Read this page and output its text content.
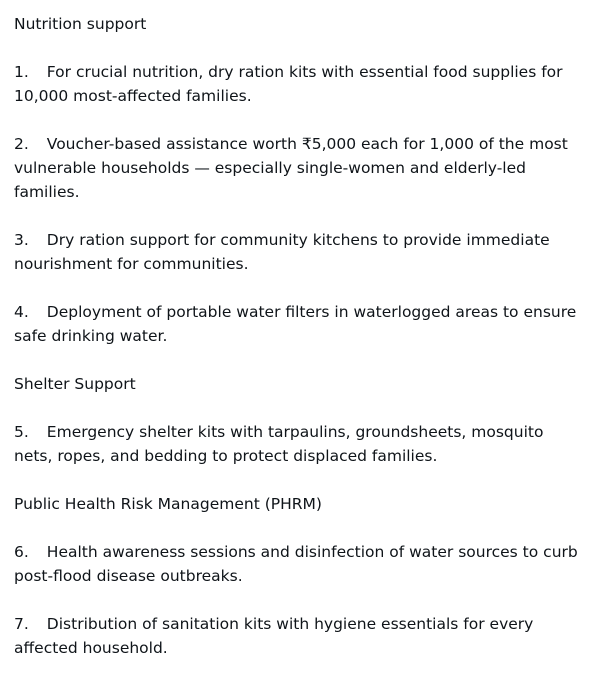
Nutrition support
1. For crucial nutrition, dry ration kits with essential food supplies for 10,000 most-affected families.
2. Voucher-based assistance worth ₹5,000 each for 1,000 of the most vulnerable households — especially single-women and elderly-led families.
3. Dry ration support for community kitchens to provide immediate nourishment for communities.
4. Deployment of portable water filters in waterlogged areas to ensure safe drinking water.
Shelter Support
5. Emergency shelter kits with tarpaulins, groundsheets, mosquito nets, ropes, and bedding to protect displaced families.
Public Health Risk Management (PHRM)
6. Health awareness sessions and disinfection of water sources to curb post-flood disease outbreaks.
7. Distribution of sanitation kits with hygiene essentials for every affected household.
